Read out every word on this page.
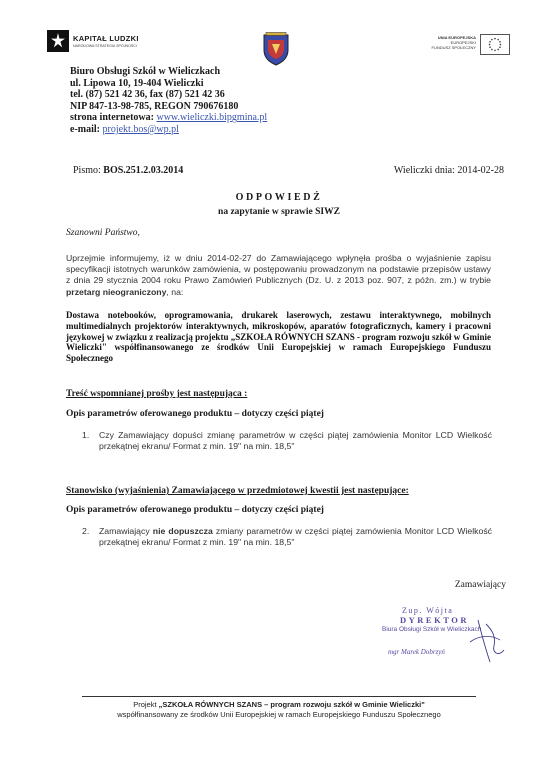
KAPITAŁ LUDZKI
NARODOWA STRATEGIA SPÓJNOŚCI
UNIA EUROPEJSKA
EUROPEJSKI
FUNDUSZ SPOŁECZNY
Biuro Obsługi Szkół w Wieliczkach
ul. Lipowa 10, 19-404 Wieliczki
tel. (87) 521 42 36, fax (87) 521 42 36
NIP 847-13-98-785, REGON 790676180
strona internetowa: www.wieliczki.bipgmina.pl
e-mail: projekt.bos@wp.pl
Pismo: BOS.251.2.03.2014	Wieliczki dnia: 2014-02-28
ODPOWIEDŹ
na zapytanie w sprawie SIWZ
Szanowni Państwo,
Uprzejmie informujemy, iż w dniu 2014-02-27 do Zamawiającego wpłynęła prośba o wyjaśnienie zapisu specyfikacji istotnych warunków zamówienia, w postępowaniu prowadzonym na podstawie przepisów ustawy z dnia 29 stycznia 2004 roku Prawo Zamówień Publicznych (Dz. U. z 2013 poz. 907, z późn. zm.) w trybie przetarg nieograniczony, na:
Dostawa notebooków, oprogramowania, drukarek laserowych, zestawu interaktywnego, mobilnych multimedialnych projektorów interaktywnych, mikroskopów, aparatów fotograficznych, kamery i pracowni językowej w związku z realizacją projektu „SZKOŁA RÓWNYCH SZANS - program rozwoju szkół w Gminie Wieliczki" współfinansowanego ze środków Unii Europejskiej w ramach Europejskiego Funduszu Społecznego
Treść wspomnianej prośby jest następująca :
Opis parametrów oferowanego produktu – dotyczy części piątej
1.	Czy Zamawiający dopuści zmianę parametrów w części piątej zamówienia Monitor LCD Wielkość przekątnej ekranu/ Format z min. 19" na min. 18,5"
Stanowisko (wyjaśnienia) Zamawiającego w przedmiotowej kwestii jest następujące:
Opis parametrów oferowanego produktu – dotyczy części piątej
2.	Zamawiający nie dopuszcza zmiany parametrów w części piątej zamówienia Monitor LCD Wielkość przekątnej ekranu/ Format z min. 19" na min. 18,5"
Zamawiający
Zup. Wójta
DYREKTOR
Biura Obsługi Szkół w Wieliczkach
mgr Marek Dobrzyń
Projekt „SZKOŁA RÓWNYCH SZANS – program rozwoju szkół w Gminie Wieliczki"
współfinansowany ze środków Unii Europejskiej w ramach Europejskiego Funduszu Społecznego
